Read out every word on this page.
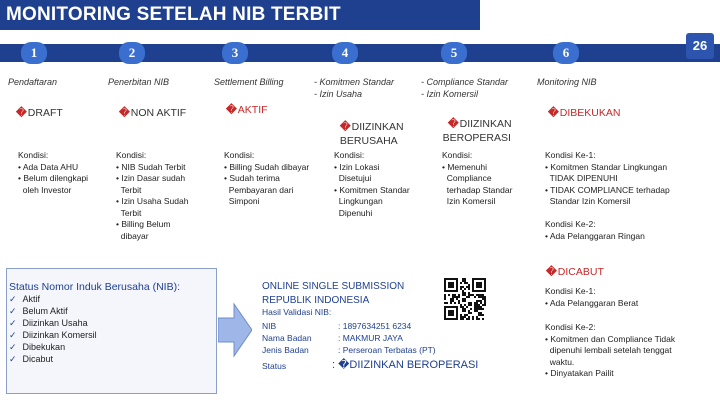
MONITORING SETELAH NIB TERBIT
26
1	2	3	4	5	6
Pendaftaran	Penerbitan NIB	Settlement Billing	- Komitmen Standar
- Izin Usaha
- Compliance Standar
- Izin Komersil
Monitoring NIB
�DRAFT	�NON AKTIF	�AKTIF

�DIIZINKAN
BERUSAHA

�DIIZINKAN
BEROPERASI

�DIBEKUKAN
Kondisi:
• Ada Data AHU
• Belum dilengkapi
oleh Investor
Kondisi:
• NIB Sudah Terbit
• Izin Dasar sudah
Terbit
• Izin Usaha Sudah
Terbit
• Billing Belum
dibayar
Kondisi:
• Billing Sudah dibayar
• Sudah terima
Pembayaran dari
Simponi
Kondisi:
• Izin Lokasi
Disetujui
• Komitmen Standar
Lingkungan
Dipenuhi
Kondisi:
• Memenuhi
Compliance
terhadap Standar
Izin Komersil
Kondisi Ke-1:
• Komitmen Standar Lingkungan
TIDAK DIPENUHI
• TIDAK COMPLIANCE terhadap
Standar Izin Komersil

Kondisi Ke-2:
• Ada Pelanggaran Ringan
�DICABUT
Kondisi Ke-1:
• Ada Pelanggaran Berat
Kondisi Ke-2:
• Komitmen dan Compliance Tidak
dipenuhi lembali setelah tenggat
waktu.
• Dinyatakan Pailit
Status Nomor Induk Berusaha (NIB):
✓ Aktif
✓ Belum Aktif
✓ Diizinkan Usaha
✓ Diizinkan Komersil
✓ Dibekukan
✓ Dicabut
ONLINE SINGLE SUBMISSION
REPUBLIK INDONESIA
Hasil Validasi NIB:
NIB	: 1897634251 6234
Nama Badan	: MAKMUR JAYA
Jenis Badan	: Perseroan Terbatas (PT)
Status	: �DIIZINKAN BEROPERASI
